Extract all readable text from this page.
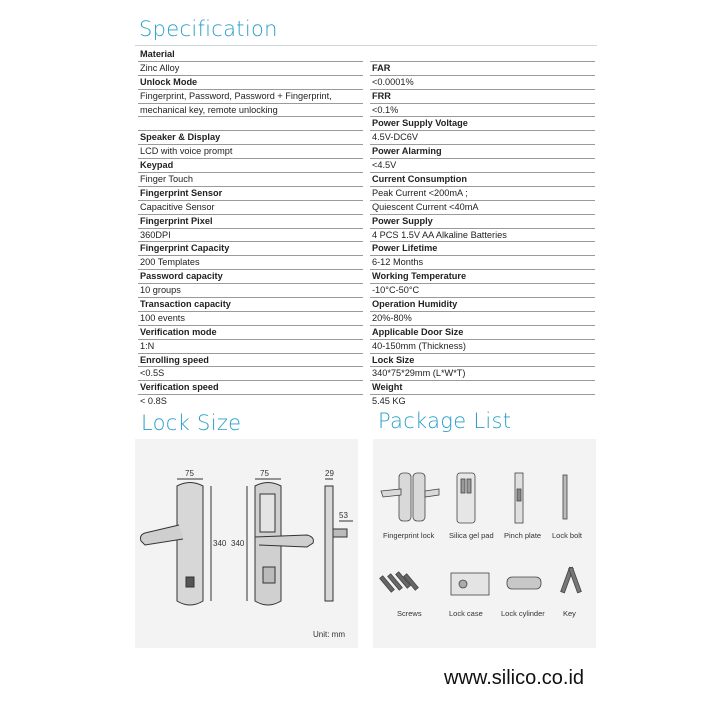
Specification
Material
Zinc Alloy
Unlock Mode
Fingerprint, Password, Password + Fingerprint,
mechanical key, remote unlocking
Speaker & Display
LCD with voice prompt
Keypad
Finger Touch
Fingerprint Sensor
Capacitive Sensor
Fingerprint Pixel
360DPI
Fingerprint Capacity
200 Templates
Password capacity
10 groups
Transaction capacity
100 events
Verification mode
1:N
Enrolling speed
<0.5S
Verification speed
< 0.8S
FAR
<0.0001%
FRR
<0.1%
Power Supply Voltage
4.5V-DC6V
Power Alarming
<4.5V
Current Consumption
Peak Current <200mA ;
Quiescent Current <40mA
Power Supply
4 PCS 1.5V AA Alkaline Batteries
Power Lifetime
6-12 Months
Working Temperature
-10°C-50°C
Operation Humidity
20%-80%
Applicable Door Size
40-150mm (Thickness)
Lock Size
340*75*29mm (L*W*T)
Weight
5.45 KG
Lock Size	Package List
75	75	29
340 340
53
Unit: mm
Fingerprint lock Silica gel pad Pinch plate Lock bolt
Screws	Lock case Lock cylinder Key
www.silico.co.id
